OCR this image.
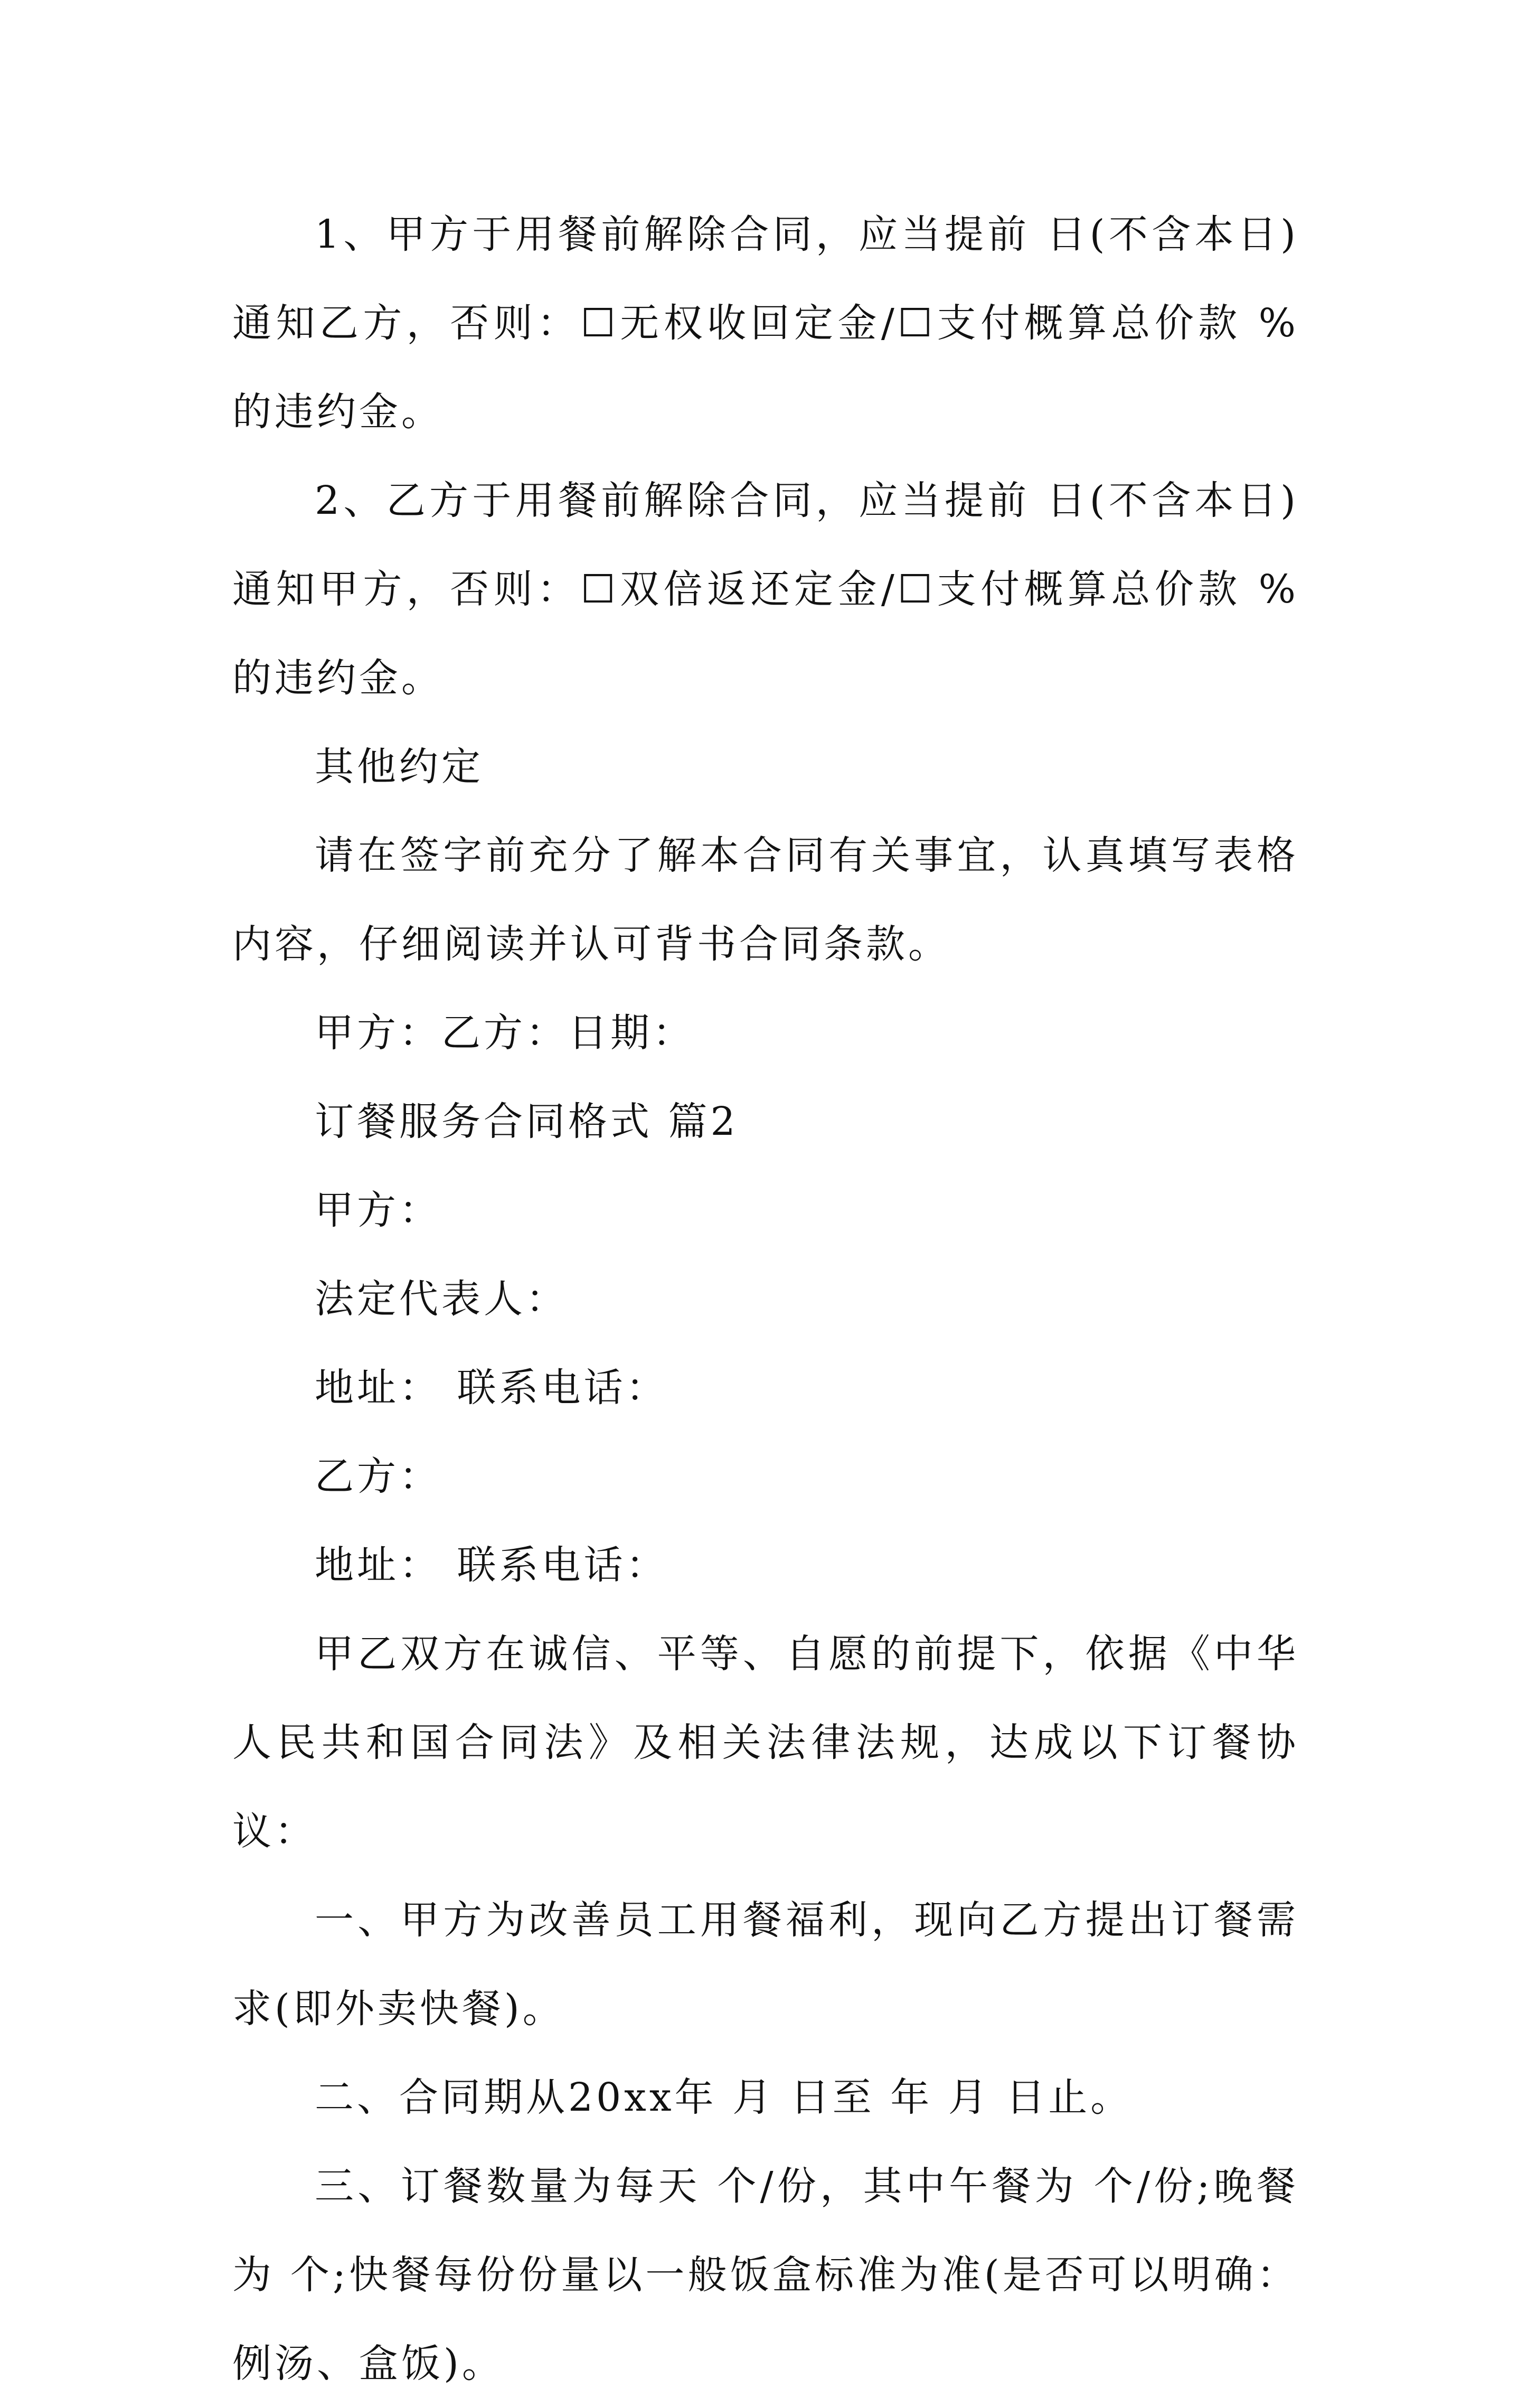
1、甲方于用餐前解除合同，应当提前 日(不含本日)通知乙方，否则：☐无权收回定金/☐支付概算总价款 %的违约金。

2、乙方于用餐前解除合同，应当提前 日(不含本日)通知甲方，否则：☐双倍返还定金/☐支付概算总价款 %的违约金。

其他约定

请在签字前充分了解本合同有关事宜，认真填写表格内容，仔细阅读并认可背书合同条款。

甲方：乙方：日期：

订餐服务合同格式 篇2

甲方：

法定代表人：

地址： 联系电话：

乙方：

地址： 联系电话：

甲乙双方在诚信、平等、自愿的前提下，依据《中华人民共和国合同法》及相关法律法规，达成以下订餐协议：

一、甲方为改善员工用餐福利，现向乙方提出订餐需求(即外卖快餐)。

二、合同期从20xx年 月 日至 年 月 日止。

三、订餐数量为每天 个/份，其中午餐为 个/份;晚餐为 个;快餐每份份量以一般饭盒标准为准(是否可以明确：例汤、盒饭)。
